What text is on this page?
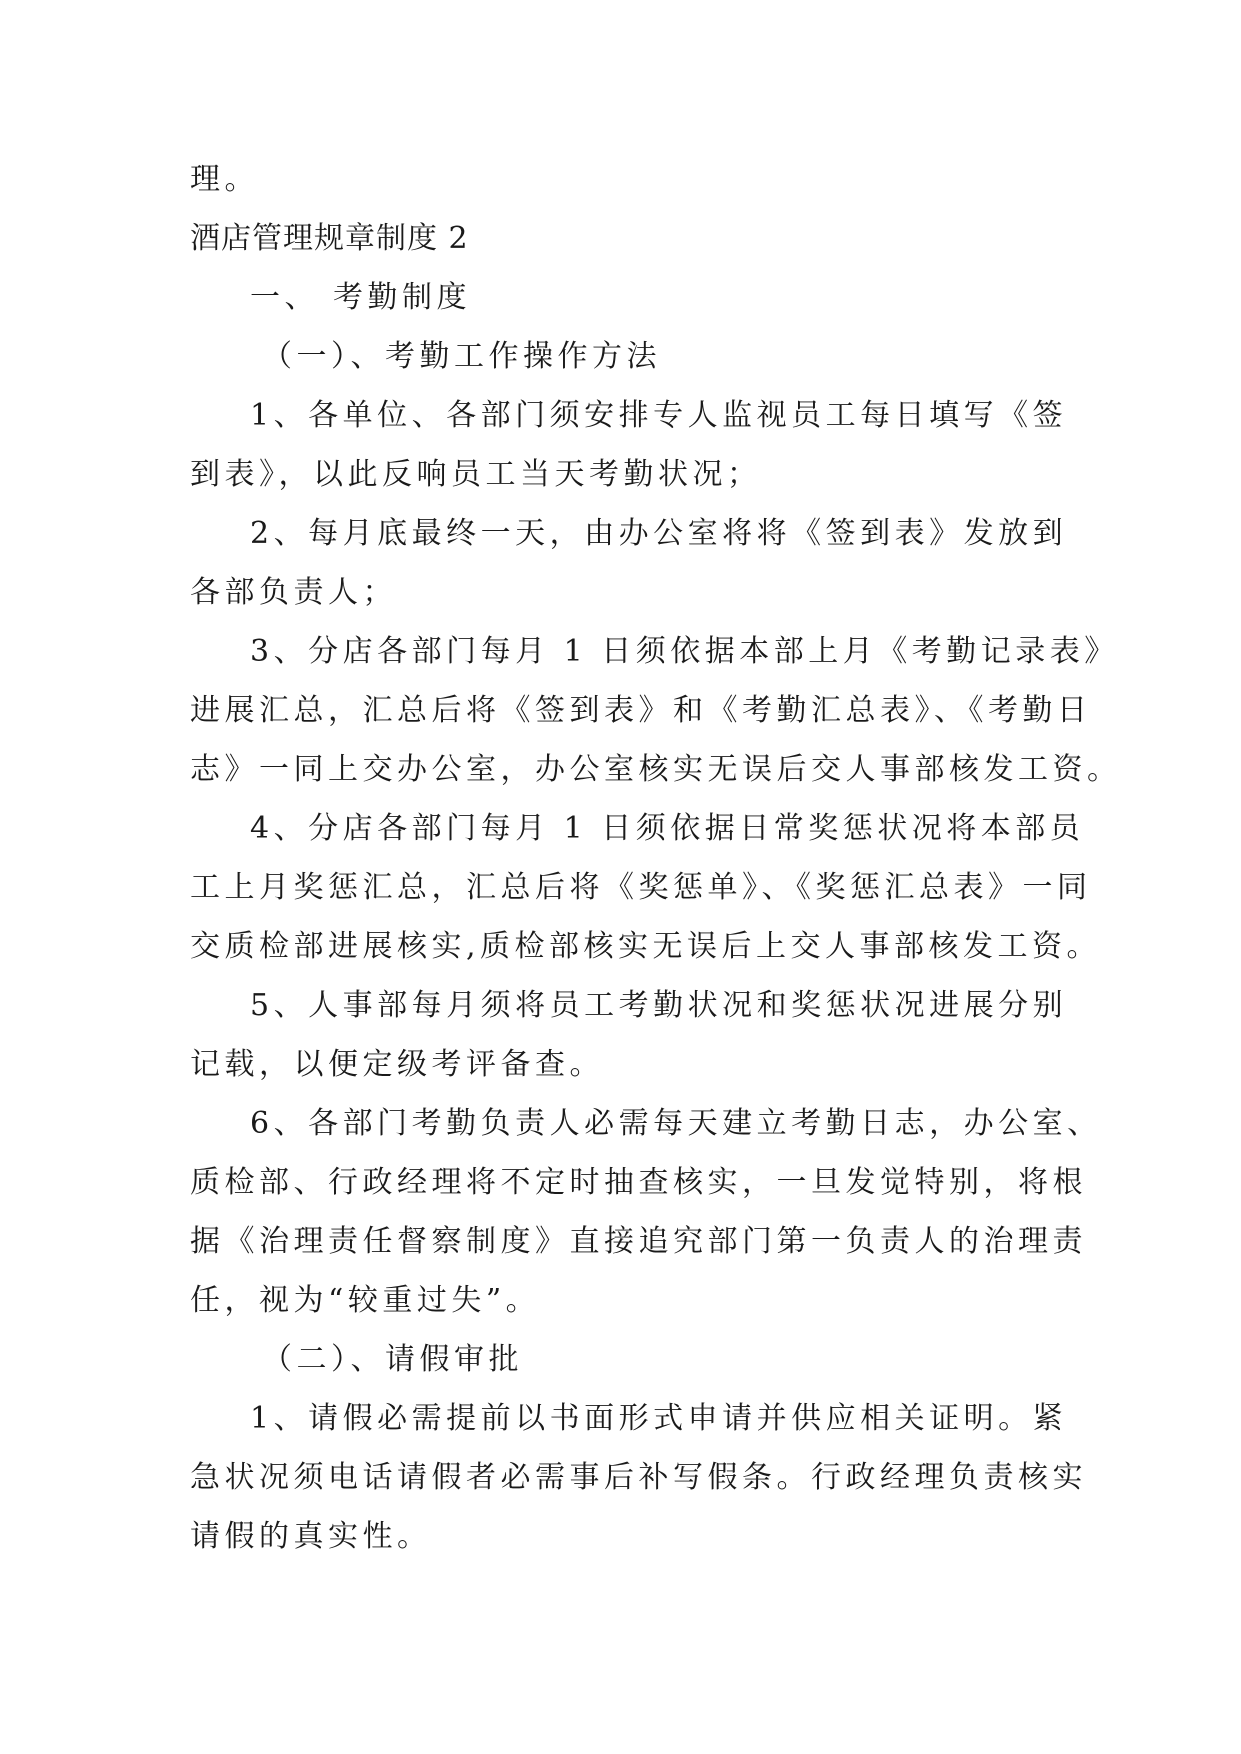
理。
酒店管理规章制度 2
一、 考勤制度
（一）、考勤工作操作方法
1、各单位、各部门须安排专人监视员工每日填写《签
到表》，以此反响员工当天考勤状况；
2、每月底最终一天，由办公室将将《签到表》发放到
各部负责人；
3、分店各部门每月 1 日须依据本部上月《考勤记录表》
进展汇总，汇总后将《签到表》和《考勤汇总表》、《考勤日
志》一同上交办公室，办公室核实无误后交人事部核发工资。
4、分店各部门每月 1 日须依据日常奖惩状况将本部员
工上月奖惩汇总，汇总后将《奖惩单》、《奖惩汇总表》一同
交质检部进展核实,质检部核实无误后上交人事部核发工资。
5、人事部每月须将员工考勤状况和奖惩状况进展分别
记载，以便定级考评备查。
6、各部门考勤负责人必需每天建立考勤日志，办公室、
质检部、行政经理将不定时抽查核实，一旦发觉特别，将根
据《治理责任督察制度》直接追究部门第一负责人的治理责
任，视为“较重过失”。
（二）、请假审批
1、请假必需提前以书面形式申请并供应相关证明。紧
急状况须电话请假者必需事后补写假条。行政经理负责核实
请假的真实性。
